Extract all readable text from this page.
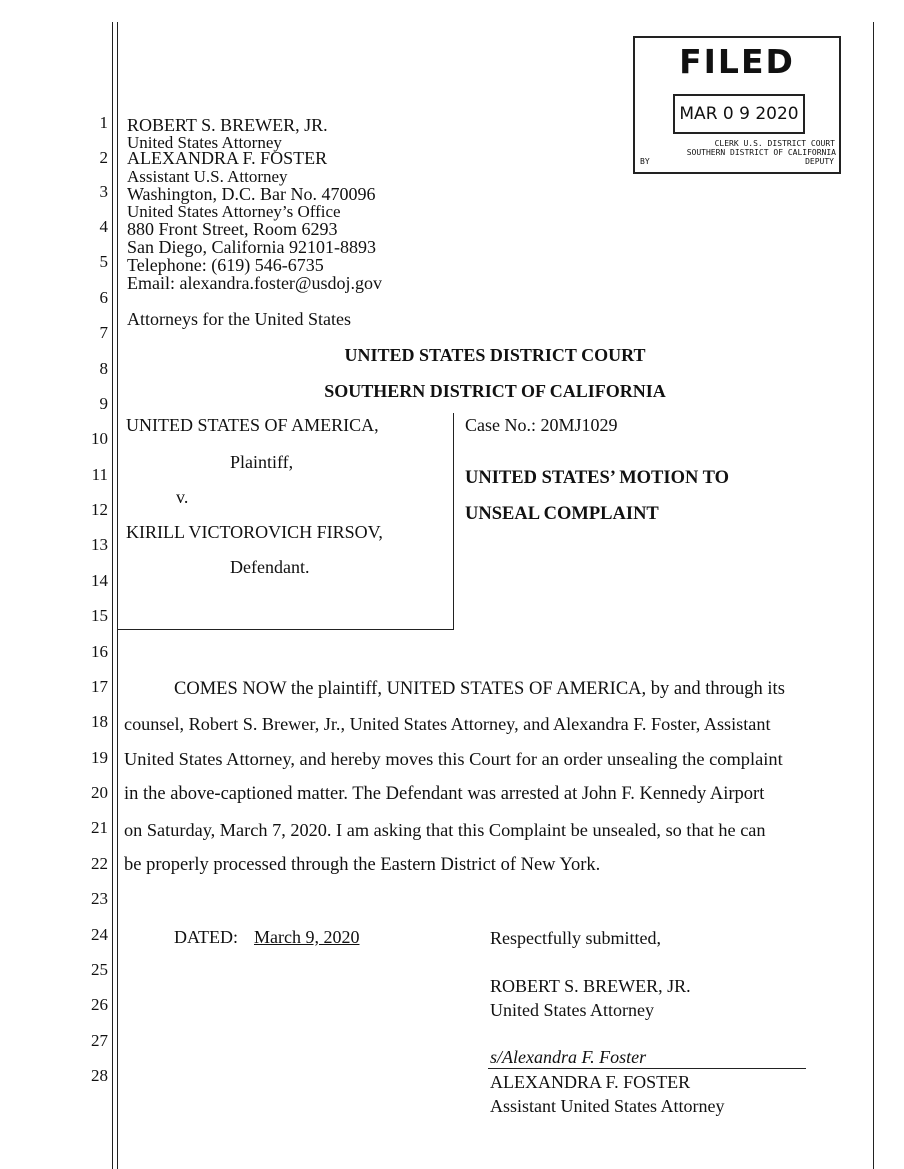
1
2
3
4
5
6
7
8
9
10
11
12
13
14
15
16
17
18
19
20
21
22
23
24
25
26
27
28
FILED
MAR 0 9 2020
CLERK U.S. DISTRICT COURT
SOUTHERN DISTRICT OF CALIFORNIA
BY	DEPUTY
ROBERT S. BREWER, JR.
United States Attorney
ALEXANDRA F. FOSTER
Assistant U.S. Attorney
Washington, D.C. Bar No. 470096
United States Attorney’s Office
880 Front Street, Room 6293
San Diego, California 92101-8893
Telephone: (619) 546-6735
Email: alexandra.foster@usdoj.gov
Attorneys for the United States
UNITED STATES DISTRICT COURT
SOUTHERN DISTRICT OF CALIFORNIA
UNITED STATES OF AMERICA,
Plaintiff,
v.
KIRILL VICTOROVICH FIRSOV,
Defendant.
Case No.: 20MJ1029
UNITED STATES’ MOTION TO
UNSEAL COMPLAINT
COMES NOW the plaintiff, UNITED STATES OF AMERICA, by and through its
counsel, Robert S. Brewer, Jr., United States Attorney, and Alexandra F. Foster, Assistant
United States Attorney, and hereby moves this Court for an order unsealing the complaint
in the above-captioned matter. The Defendant was arrested at John F. Kennedy Airport
on Saturday, March 7, 2020. I am asking that this Complaint be unsealed, so that he can
be properly processed through the Eastern District of New York.
DATED: March 9, 2020	Respectfully submitted,
ROBERT S. BREWER, JR.
United States Attorney
s/Alexandra F. Foster
ALEXANDRA F. FOSTER
Assistant United States Attorney
